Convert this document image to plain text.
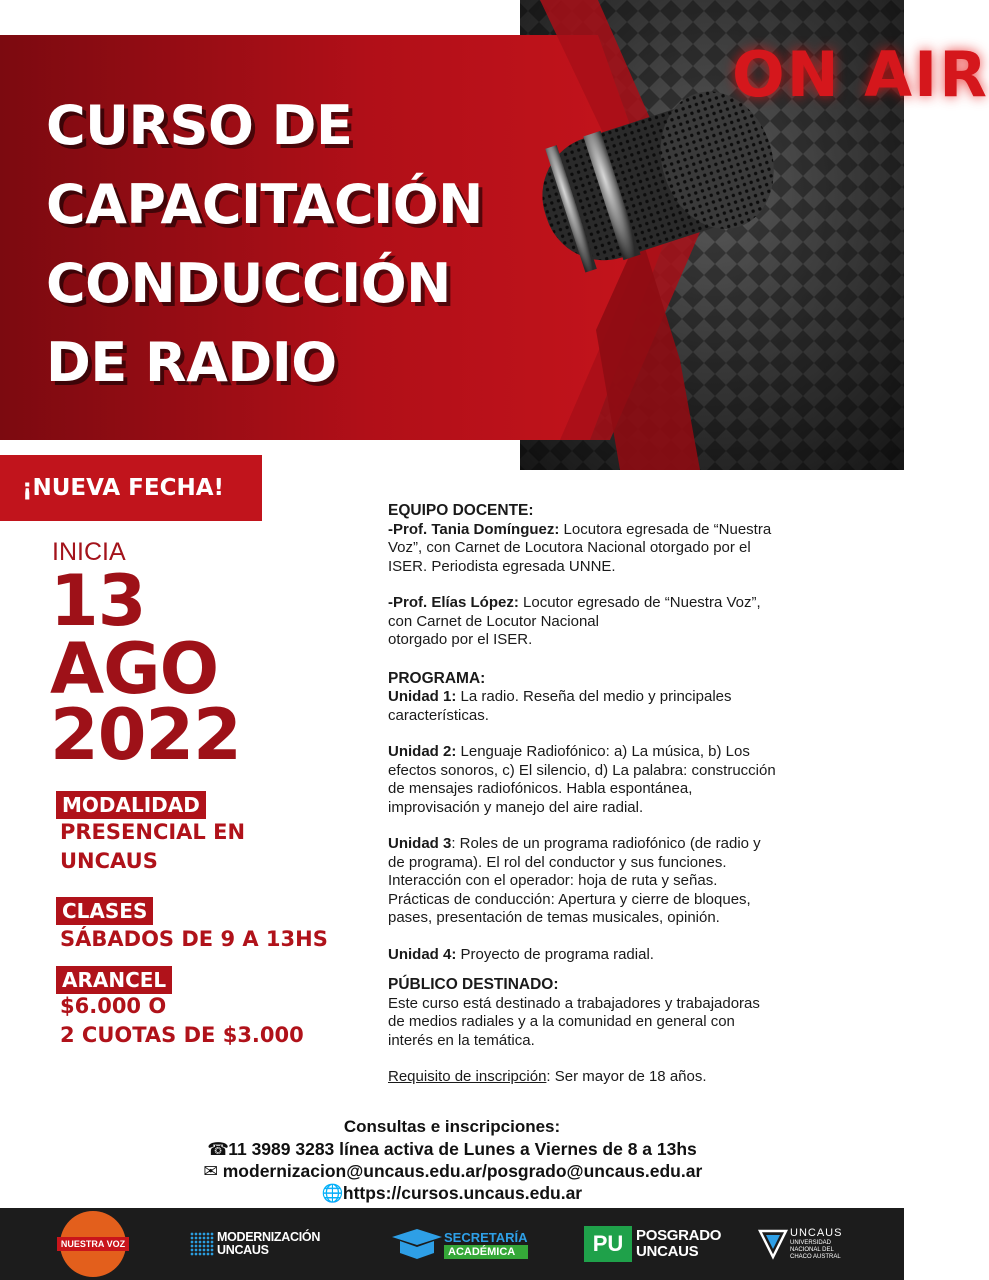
ON AIR
CURSO DE
CAPACITACIÓN
CONDUCCIÓN
DE RADIO
¡NUEVA FECHA!
INICIA
13
AGO
2022
MODALIDAD
PRESENCIAL EN
UNCAUS
CLASES
SÁBADOS DE 9 A 13HS
ARANCEL
$6.000 O
2 CUOTAS DE $3.000

EQUIPO DOCENTE:

-Prof. Tania Domínguez: Locutora egresada de “Nuestra

Voz”, con Carnet de Locutora Nacional otorgado por el

ISER. Periodista egresada UNNE.

-Prof. Elías López: Locutor egresado de “Nuestra Voz”,

con Carnet de Locutor Nacional

otorgado por el ISER.

PROGRAMA:

Unidad 1: La radio. Reseña del medio y principales

características.

Unidad 2: Lenguaje Radiofónico: a) La música, b) Los

efectos sonoros, c) El silencio, d) La palabra: construcción

de mensajes radiofónicos. Habla espontánea,

improvisación y manejo del aire radial.

Unidad 3: Roles de un programa radiofónico (de radio y

de programa). El rol del conductor y sus funciones.

Interacción con el operador: hoja de ruta y señas.

Prácticas de conducción: Apertura y cierre de bloques,

pases, presentación de temas musicales, opinión.

Unidad 4: Proyecto de programa radial.

PÚBLICO DESTINADO:

Este curso está destinado a trabajadores y trabajadoras

de medios radiales y a la comunidad en general con

interés en la temática.

Requisito de inscripción: Ser mayor de 18 años.

Consultas e inscripciones:
☎11 3989 3283 línea activa de Lunes a Viernes de 8 a 13hs
✉ modernizacion@uncaus.edu.ar/posgrado@uncaus.edu.ar
🌐https://cursos.uncaus.edu.ar
NUESTRA VOZ	MODERNIZACIÓN
UNCAUS
SECRETARÍA
ACADÉMICA	PU POSGRADO
UNCAUS
UNCAUS
UNIVERSIDAD
NACIONAL DEL
CHACO AUSTRAL
